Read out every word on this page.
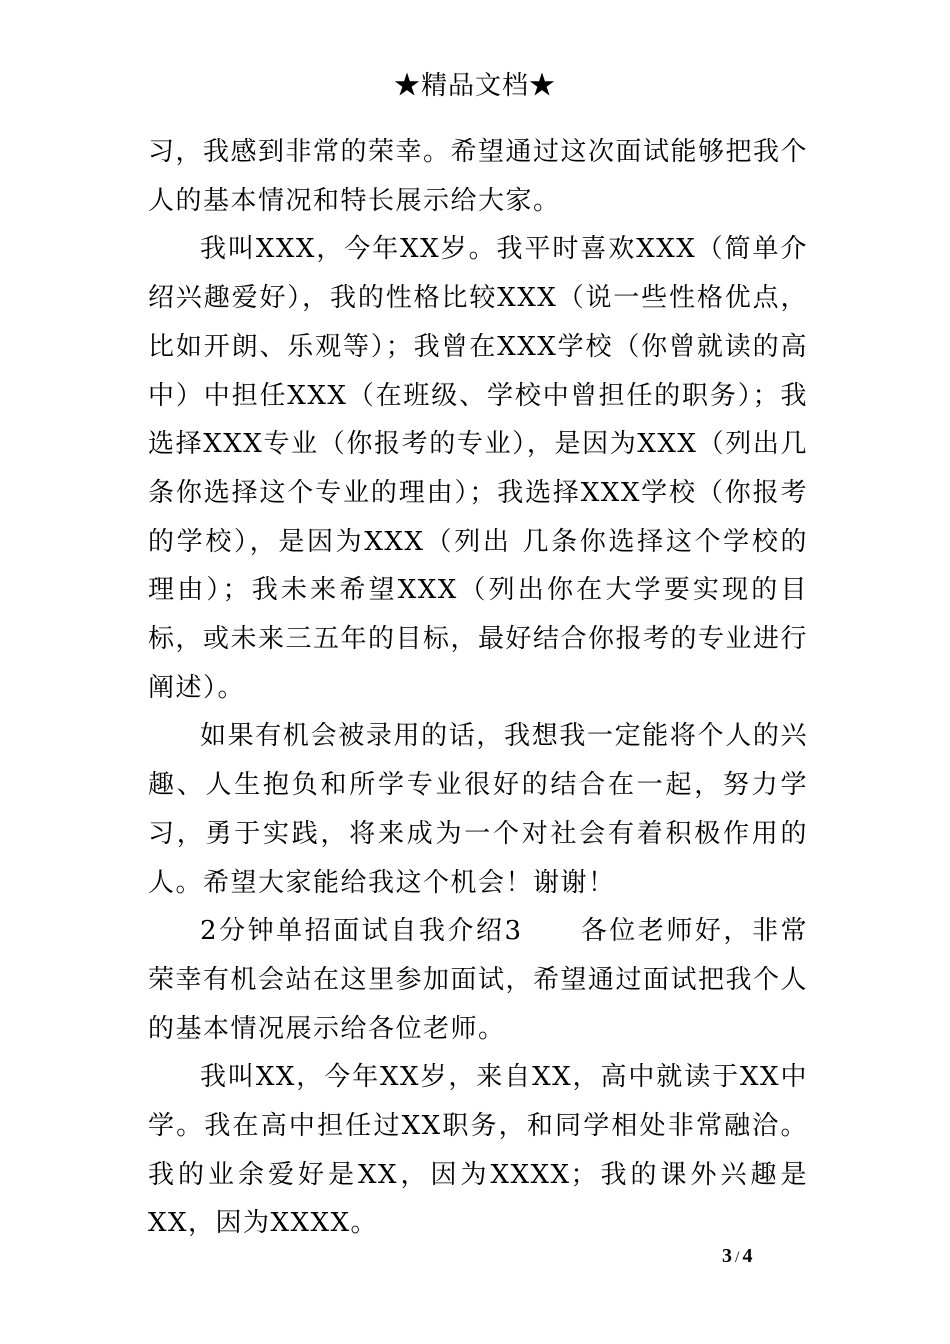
★精品文档★

习，我感到非常的荣幸。希望通过这次面试能够把我个人的基本情况和特长展示给大家。

我叫XXX，今年XX岁。我平时喜欢XXX（简单介绍兴趣爱好），我的性格比较XXX（说一些性格优点，比如开朗、乐观等）；我曾在XXX学校（你曾就读的高中）中担任XXX（在班级、学校中曾担任的职务）；我选择XXX专业（你报考的专业），是因为XXX（列出几条你选择这个专业的理由）；我选择XXX学校（你报考的学校），是因为XXX（列出 几条你选择这个学校的理由）；我未来希望XXX（列出你在大学要实现的目标，或未来三五年的目标，最好结合你报考的专业进行阐述）。

如果有机会被录用的话，我想我一定能将个人的兴趣、人生抱负和所学专业很好的结合在一起，努力学习，勇于实践，将来成为一个对社会有着积极作用的人。希望大家能给我这个机会！谢谢！

2分钟单招面试自我介绍3　　各位老师好，非常荣幸有机会站在这里参加面试，希望通过面试把我个人的基本情况展示给各位老师。

我叫XX，今年XX岁，来自XX，高中就读于XX中学。我在高中担任过XX职务，和同学相处非常融洽。我的业余爱好是XX，因为XXXX；我的课外兴趣是XX，因为XXXX。

3 / 4
